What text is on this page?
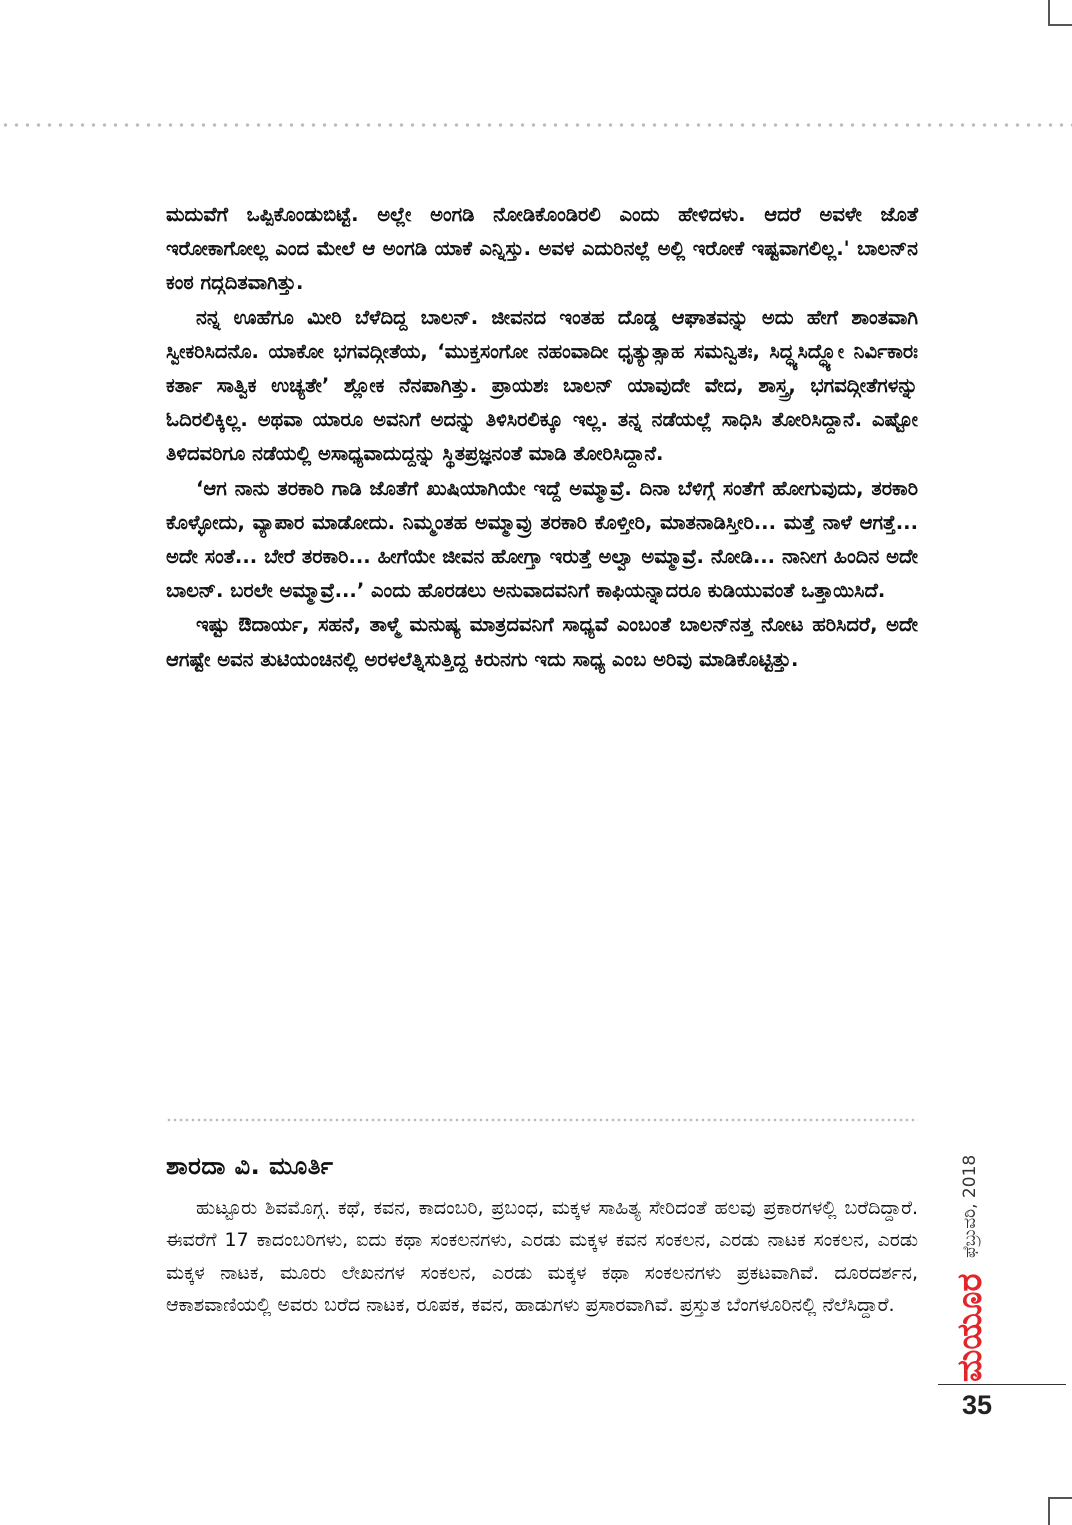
ಮದುವೆಗೆ ಒಪ್ಪಿಕೊಂಡುಬಿಟ್ಟೆ. ಅಲ್ಲೇ ಅಂಗಡಿ ನೋಡಿಕೊಂಡಿರಲಿ ಎಂದು ಹೇಳಿದಳು. ಆದರೆ ಅವಳೇ ಜೊತೆ ಇರೋಕಾಗೋಲ್ಲ ಎಂದ ಮೇಲೆ ಆ ಅಂಗಡಿ ಯಾಕೆ ಎನ್ನಿಸ್ತು. ಅವಳ ಎದುರಿನಲ್ಲೆ ಅಲ್ಲಿ ಇರೋಕೆ ಇಷ್ಟವಾಗಲಿಲ್ಲ.' ಬಾಲನ್‌ನ ಕಂಠ ಗದ್ಗದಿತವಾಗಿತ್ತು.

ನನ್ನ ಊಹೆಗೂ ಮೀರಿ ಬೆಳೆದಿದ್ದ ಬಾಲನ್. ಜೀವನದ ಇಂತಹ ದೊಡ್ಡ ಆಘಾತವನ್ನು ಅದು ಹೇಗೆ ಶಾಂತವಾಗಿ ಸ್ವೀಕರಿಸಿದನೊ. ಯಾಕೋ ಭಗವದ್ಗೀತೆಯ, ‘ಮುಕ್ತಸಂಗೋ ನಹಂವಾದೀ ಧೃತ್ಯುತ್ಸಾಹ ಸಮನ್ವಿತಃ, ಸಿದ್ಧ್ಯಸಿದ್ಧ್ಯೋ ನಿರ್ವಿಕಾರಃ ಕರ್ತಾ ಸಾತ್ವಿಕ ಉಚ್ಯತೇ’ ಶ್ಲೋಕ ನೆನಪಾಗಿತ್ತು. ಪ್ರಾಯಶಃ ಬಾಲನ್ ಯಾವುದೇ ವೇದ, ಶಾಸ್ತ್ರ, ಭಗವದ್ಗೀತೆಗಳನ್ನು ಓದಿರಲಿಕ್ಕಿಲ್ಲ. ಅಥವಾ ಯಾರೂ ಅವನಿಗೆ ಅದನ್ನು ತಿಳಿಸಿರಲಿಕ್ಕೂ ಇಲ್ಲ. ತನ್ನ ನಡೆಯಲ್ಲೆ ಸಾಧಿಸಿ ತೋರಿಸಿದ್ದಾನೆ. ಎಷ್ಟೋ ತಿಳಿದವರಿಗೂ ನಡೆಯಲ್ಲಿ ಅಸಾಧ್ಯವಾದುದ್ದನ್ನು ಸ್ಥಿತಪ್ರಜ್ಞನಂತೆ ಮಾಡಿ ತೋರಿಸಿದ್ದಾನೆ.

‘ಆಗ ನಾನು ತರಕಾರಿ ಗಾಡಿ ಜೊತೆಗೆ ಖುಷಿಯಾಗಿಯೇ ಇದ್ದೆ ಅಮ್ಮಾವ್ರೆ. ದಿನಾ ಬೆಳಿಗ್ಗೆ ಸಂತೆಗೆ ಹೋಗುವುದು, ತರಕಾರಿ ಕೊಳ್ಳೋದು, ವ್ಯಾಪಾರ ಮಾಡೋದು. ನಿಮ್ಮಂತಹ ಅಮ್ಮಾವ್ರು ತರಕಾರಿ ಕೊಳ್ತೀರಿ, ಮಾತನಾಡಿಸ್ತೀರಿ... ಮತ್ತೆ ನಾಳೆ ಆಗತ್ತೆ... ಅದೇ ಸಂತೆ... ಬೇರೆ ತರಕಾರಿ... ಹೀಗೆಯೇ ಜೀವನ ಹೋಗ್ತಾ ಇರುತ್ತೆ ಅಲ್ವಾ ಅಮ್ಮಾವ್ರೆ. ನೋಡಿ... ನಾನೀಗ ಹಿಂದಿನ ಅದೇ ಬಾಲನ್. ಬರಲೇ ಅಮ್ಮಾವ್ರೆ...’ ಎಂದು ಹೊರಡಲು ಅನುವಾದವನಿಗೆ ಕಾಫಿಯನ್ನಾದರೂ ಕುಡಿಯುವಂತೆ ಒತ್ತಾಯಿಸಿದೆ.

ಇಷ್ಟು ಔದಾರ್ಯ, ಸಹನೆ, ತಾಳ್ಮೆ ಮನುಷ್ಯ ಮಾತ್ರದವನಿಗೆ ಸಾಧ್ಯವೆ ಎಂಬಂತೆ ಬಾಲನ್‌ನತ್ತ ನೋಟ ಹರಿಸಿದರೆ, ಅದೇ ಆಗಷ್ಟೇ ಅವನ ತುಟಿಯಂಚಿನಲ್ಲಿ ಅರಳಲೆತ್ನಿಸುತ್ತಿದ್ದ ಕಿರುನಗು ಇದು ಸಾಧ್ಯ ಎಂಬ ಅರಿವು ಮಾಡಿಕೊಟ್ಟಿತ್ತು.

ಶಾರದಾ ವಿ. ಮೂರ್ತಿ

ಹುಟ್ಟೂರು ಶಿವಮೊಗ್ಗ. ಕಥೆ, ಕವನ, ಕಾದಂಬರಿ, ಪ್ರಬಂಧ, ಮಕ್ಕಳ ಸಾಹಿತ್ಯ ಸೇರಿದಂತೆ ಹಲವು ಪ್ರಕಾರಗಳಲ್ಲಿ ಬರೆದಿದ್ದಾರೆ. ಈವರೆಗೆ 17 ಕಾದಂಬರಿಗಳು, ಐದು ಕಥಾ ಸಂಕಲನಗಳು, ಎರಡು ಮಕ್ಕಳ ಕವನ ಸಂಕಲನ, ಎರಡು ನಾಟಕ ಸಂಕಲನ, ಎರಡು ಮಕ್ಕಳ ನಾಟಕ, ಮೂರು ಲೇಖನಗಳ ಸಂಕಲನ, ಎರಡು ಮಕ್ಕಳ ಕಥಾ ಸಂಕಲನಗಳು ಪ್ರಕಟವಾಗಿವೆ. ದೂರದರ್ಶನ, ಆಕಾಶವಾಣಿಯಲ್ಲಿ ಅವರು ಬರೆದ ನಾಟಕ, ರೂಪಕ, ಕವನ, ಹಾಡುಗಳು ಪ್ರಸಾರವಾಗಿವೆ. ಪ್ರಸ್ತುತ ಬೆಂಗಳೂರಿನಲ್ಲಿ ನೆಲೆಸಿದ್ದಾರೆ.	ಮಯೂರ
ಫೆಬ್ರುವರಿ, 2018
35
